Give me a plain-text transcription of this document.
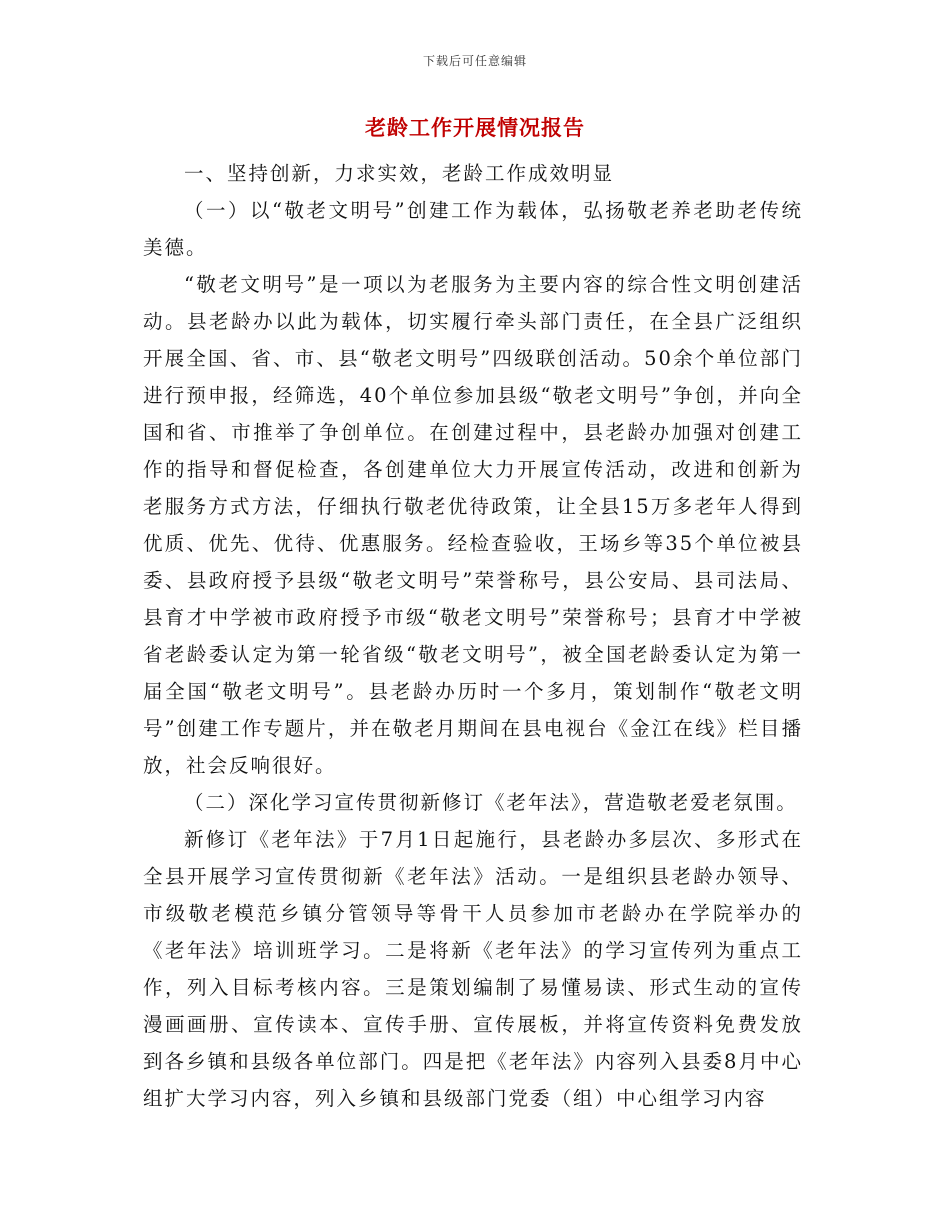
下载后可任意编辑
老龄工作开展情况报告

一、坚持创新，力求实效，老龄工作成效明显

（一）以“敬老文明号”创建工作为载体，弘扬敬老养老助老传统美德。

“敬老文明号”是一项以为老服务为主要内容的综合性文明创建活动。县老龄办以此为载体，切实履行牵头部门责任，在全县广泛组织开展全国、省、市、县“敬老文明号”四级联创活动。50余个单位部门进行预申报，经筛选，40个单位参加县级“敬老文明号”争创，并向全国和省、市推举了争创单位。在创建过程中，县老龄办加强对创建工作的指导和督促检查，各创建单位大力开展宣传活动，改进和创新为老服务方式方法，仔细执行敬老优待政策，让全县15万多老年人得到优质、优先、优待、优惠服务。经检查验收，王场乡等35个单位被县委、县政府授予县级“敬老文明号”荣誉称号，县公安局、县司法局、县育才中学被市政府授予市级“敬老文明号”荣誉称号；县育才中学被省老龄委认定为第一轮省级“敬老文明号”，被全国老龄委认定为第一届全国“敬老文明号”。县老龄办历时一个多月，策划制作“敬老文明号”创建工作专题片，并在敬老月期间在县电视台《金江在线》栏目播放，社会反响很好。

（二）深化学习宣传贯彻新修订《老年法》，营造敬老爱老氛围。

新修订《老年法》于7月1日起施行，县老龄办多层次、多形式在全县开展学习宣传贯彻新《老年法》活动。一是组织县老龄办领导、市级敬老模范乡镇分管领导等骨干人员参加市老龄办在学院举办的《老年法》培训班学习。二是将新《老年法》的学习宣传列为重点工作，列入目标考核内容。三是策划编制了易懂易读、形式生动的宣传漫画画册、宣传读本、宣传手册、宣传展板，并将宣传资料免费发放到各乡镇和县级各单位部门。四是把《老年法》内容列入县委8月中心组扩大学习内容，列入乡镇和县级部门党委（组）中心组学习内容
